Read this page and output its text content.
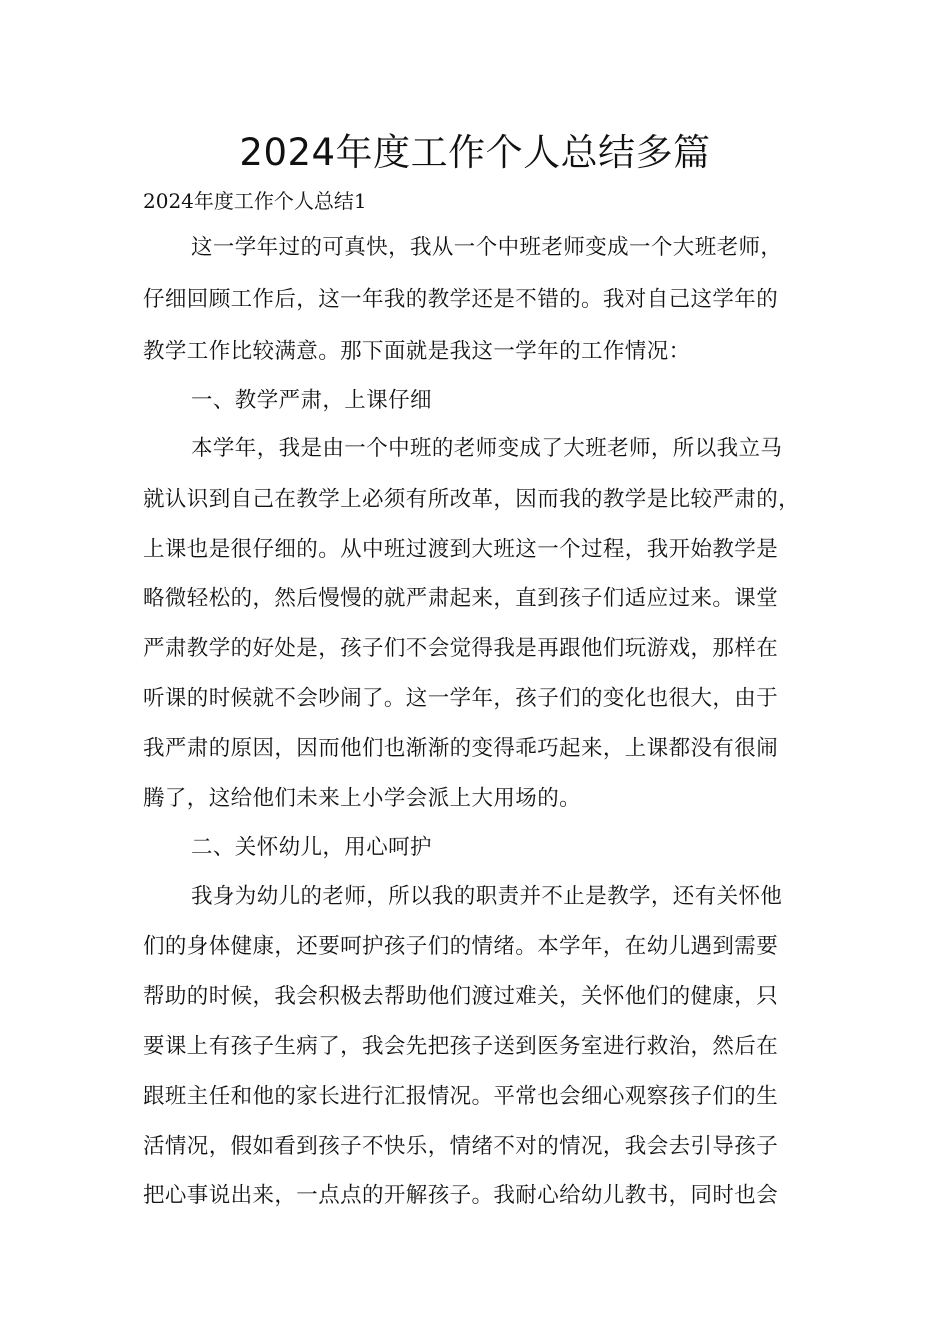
2024年度工作个人总结多篇
2024年度工作个人总结1
这一学年过的可真快，我从一个中班老师变成一个大班老师，
仔细回顾工作后，这一年我的教学还是不错的。我对自己这学年的
教学工作比较满意。那下面就是我这一学年的工作情况：
一、教学严肃，上课仔细
本学年，我是由一个中班的老师变成了大班老师，所以我立马
就认识到自己在教学上必须有所改革，因而我的教学是比较严肃的，
上课也是很仔细的。从中班过渡到大班这一个过程，我开始教学是
略微轻松的，然后慢慢的就严肃起来，直到孩子们适应过来。课堂
严肃教学的好处是，孩子们不会觉得我是再跟他们玩游戏，那样在
听课的时候就不会吵闹了。这一学年，孩子们的变化也很大，由于
我严肃的原因，因而他们也渐渐的变得乖巧起来，上课都没有很闹
腾了，这给他们未来上小学会派上大用场的。
二、关怀幼儿，用心呵护
我身为幼儿的老师，所以我的职责并不止是教学，还有关怀他
们的身体健康，还要呵护孩子们的情绪。本学年，在幼儿遇到需要
帮助的时候，我会积极去帮助他们渡过难关，关怀他们的健康，只
要课上有孩子生病了，我会先把孩子送到医务室进行救治，然后在
跟班主任和他的家长进行汇报情况。平常也会细心观察孩子们的生
活情况，假如看到孩子不快乐，情绪不对的情况，我会去引导孩子
把心事说出来，一点点的开解孩子。我耐心给幼儿教书，同时也会
